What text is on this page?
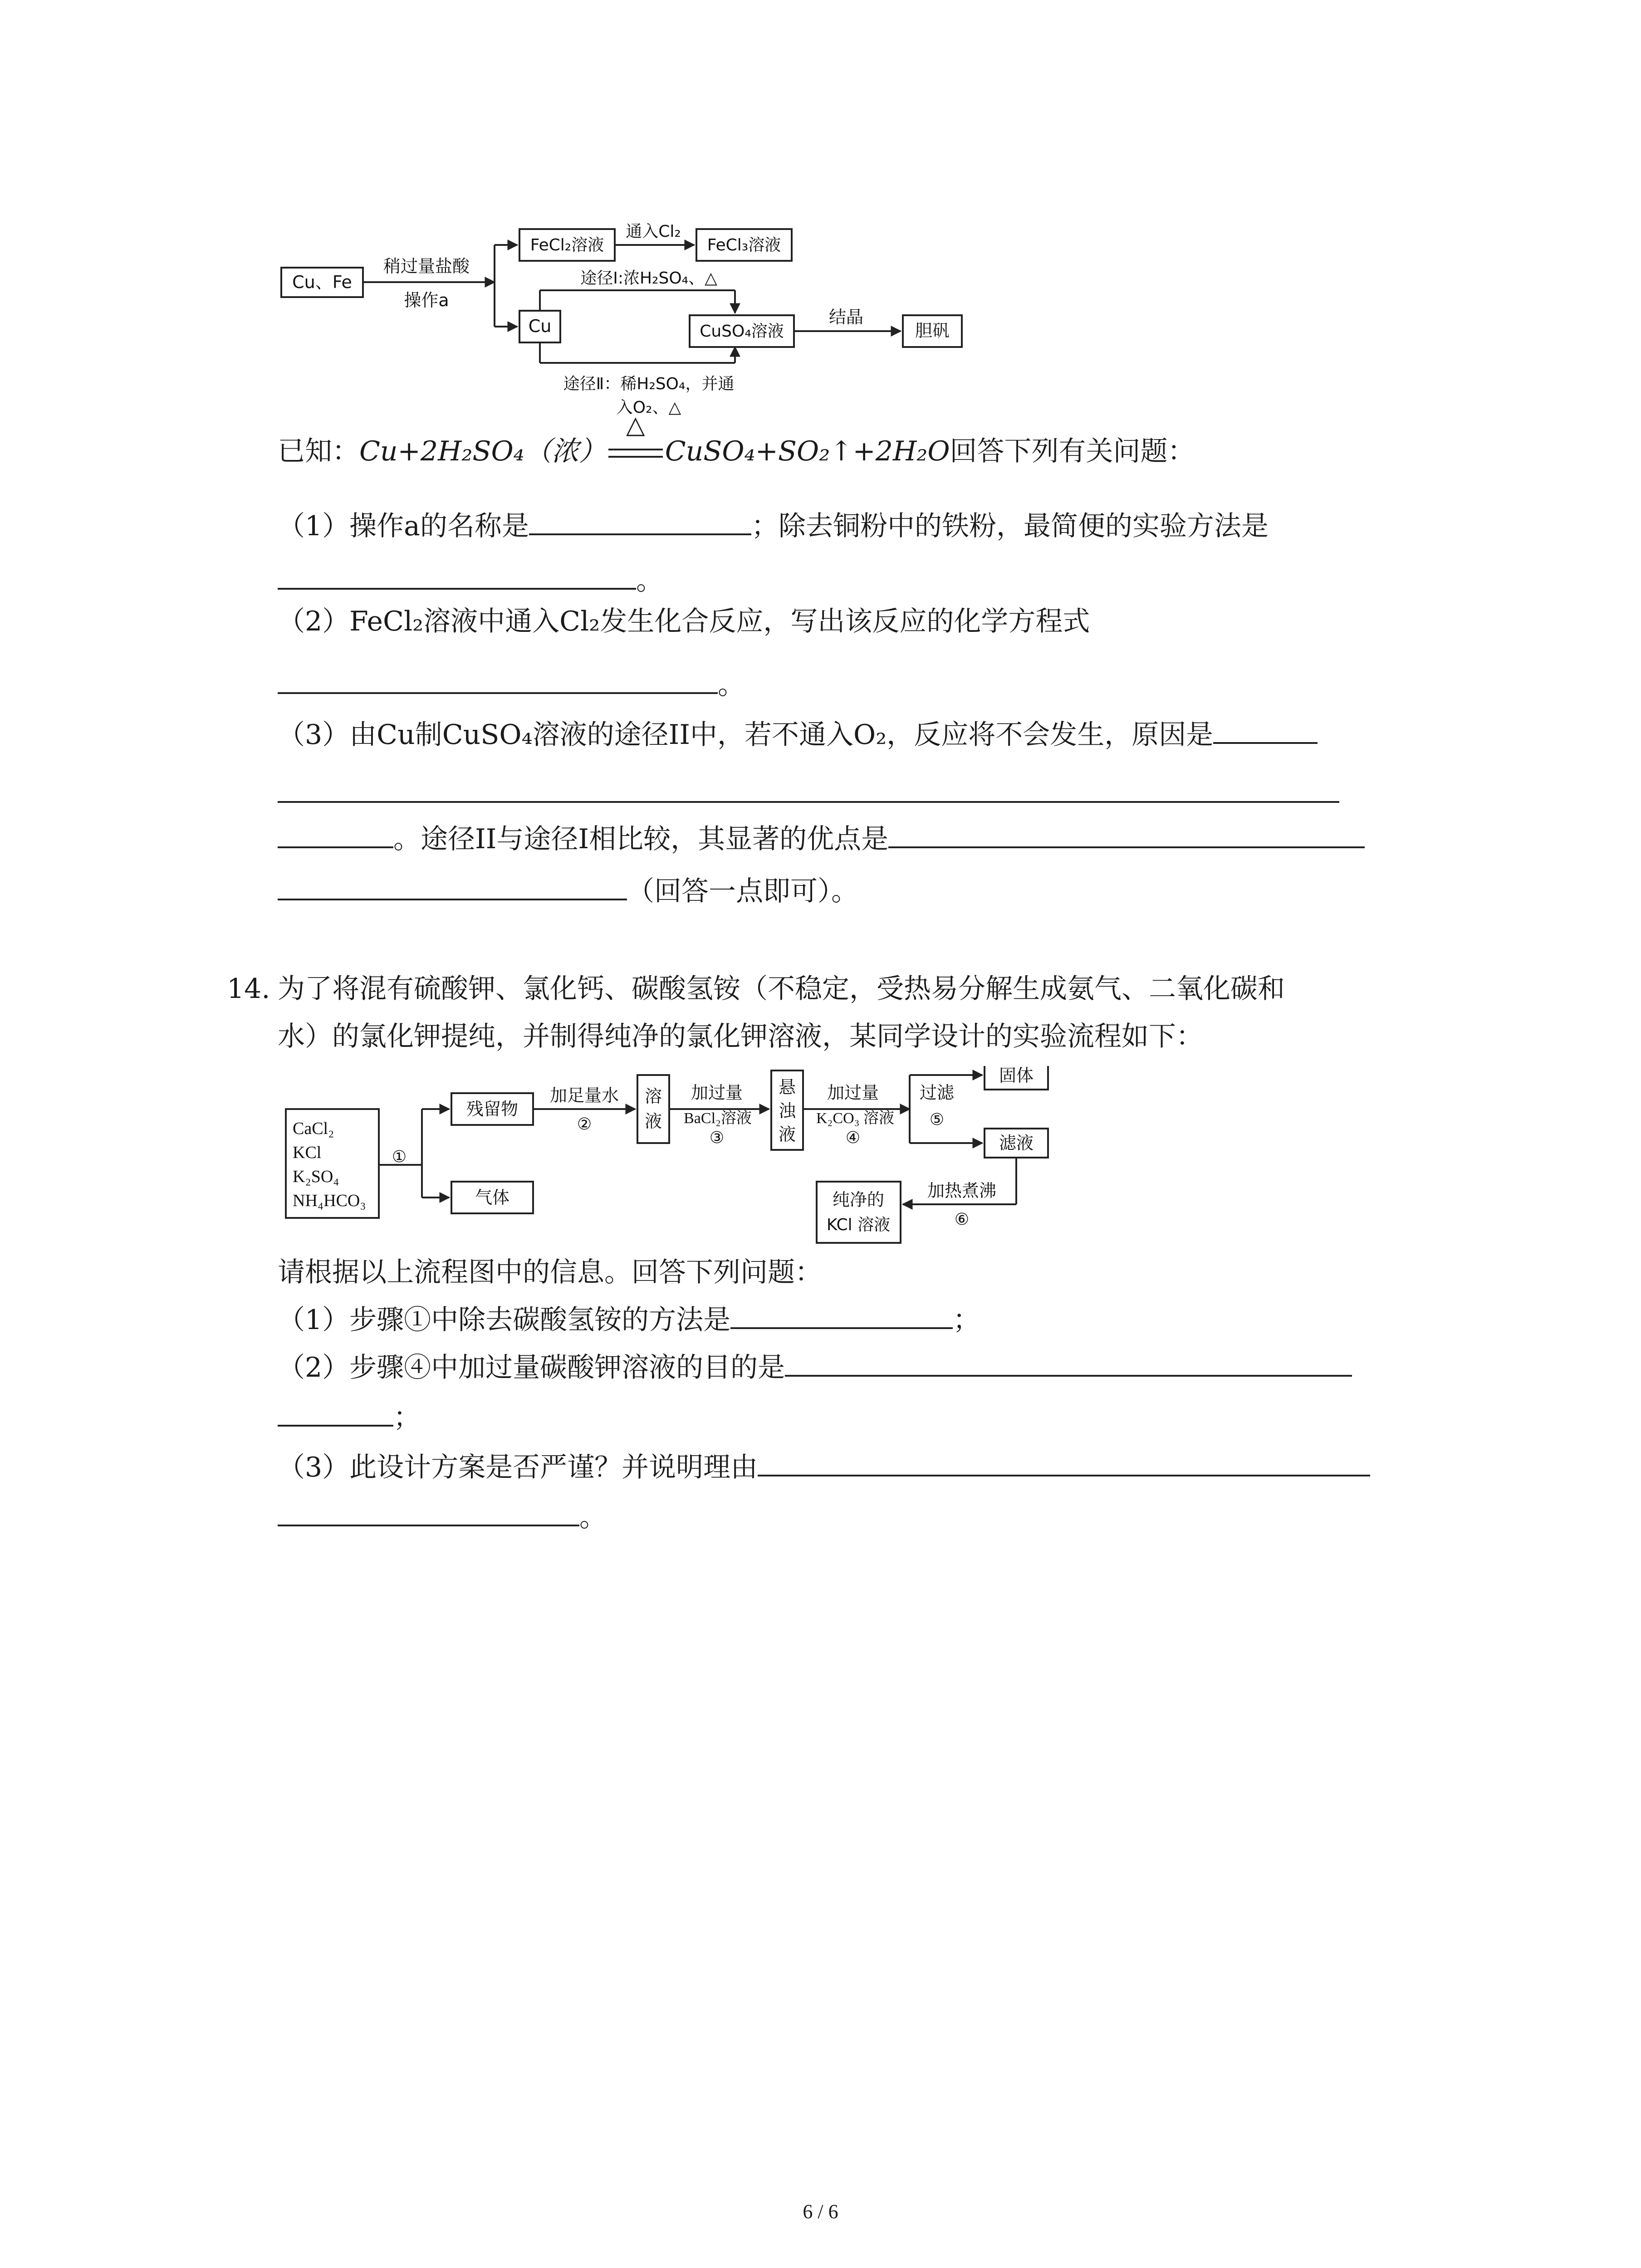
Cu、Fe
稍过量盐酸
操作a
FeCl₂溶液
通入Cl₂
FeCl₃溶液
Cu
途径Ⅰ:浓H₂SO₄、△
途径Ⅱ：稀H₂SO₄，并通
入O₂、△
CuSO₄溶液
结晶
胆矾
已知：Cu+2H₂SO₄（浓）
△
CuSO₄+SO₂↑+2H₂O回答下列有关问题：
（1）操作a的名称是	；除去铜粉中的铁粉，最简便的实验方法是
。
（2）FeCl₂溶液中通入Cl₂发生化合反应，写出该反应的化学方程式
。
（3）由Cu制CuSO₄溶液的途径II中，若不通入O₂，反应将不会发生，原因是
。途径II与途径I相比较，其显著的优点是
（回答一点即可）。
14. 为了将混有硫酸钾、氯化钙、碳酸氢铵（不稳定，受热易分解生成氨气、二氧化碳和
水）的氯化钾提纯，并制得纯净的氯化钾溶液，某同学设计的实验流程如下：
CaCl₂
KCl
K₂SO₄
NH₄HCO₃
①
残留物
气体
加足量水
②
溶
液
加过量
BaCl₂溶液
③
悬
浊
液
加过量
K₂CO₃ 溶液
④
过滤
⑤
固体
滤液
加热煮沸
⑥
纯净的
KCl 溶液
请根据以上流程图中的信息。回答下列问题：
（1）步骤①中除去碳酸氢铵的方法是	；
（2）步骤④中加过量碳酸钾溶液的目的是
；
（3）此设计方案是否严谨？并说明理由
。
6 / 6
